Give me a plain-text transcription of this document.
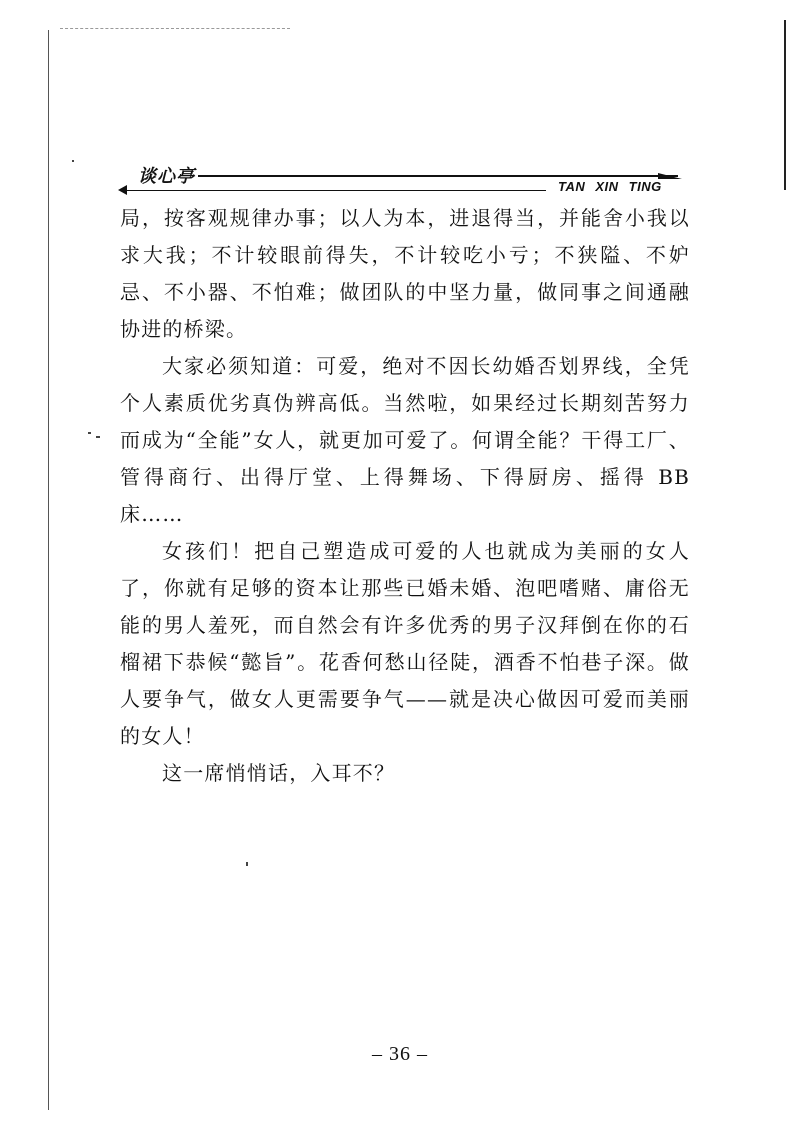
谈心亭	TAN XIN TING

局，按客观规律办事；以人为本，进退得当，并能舍小我以求大我；不计较眼前得失，不计较吃小亏；不狭隘、不妒忌、不小器、不怕难；做团队的中坚力量，做同事之间通融协进的桥梁。

大家必须知道：可爱，绝对不因长幼婚否划界线，全凭个人素质优劣真伪辨高低。当然啦，如果经过长期刻苦努力而成为“全能”女人，就更加可爱了。何谓全能？干得工厂、管得商行、出得厅堂、上得舞场、下得厨房、摇得 BB 床……

女孩们！把自己塑造成可爱的人也就成为美丽的女人了，你就有足够的资本让那些已婚未婚、泡吧嗜赌、庸俗无能的男人羞死，而自然会有许多优秀的男子汉拜倒在你的石榴裙下恭候“懿旨”。花香何愁山径陡，酒香不怕巷子深。做人要争气，做女人更需要争气——就是决心做因可爱而美丽的女人！

这一席悄悄话，入耳不？

– 36 –
